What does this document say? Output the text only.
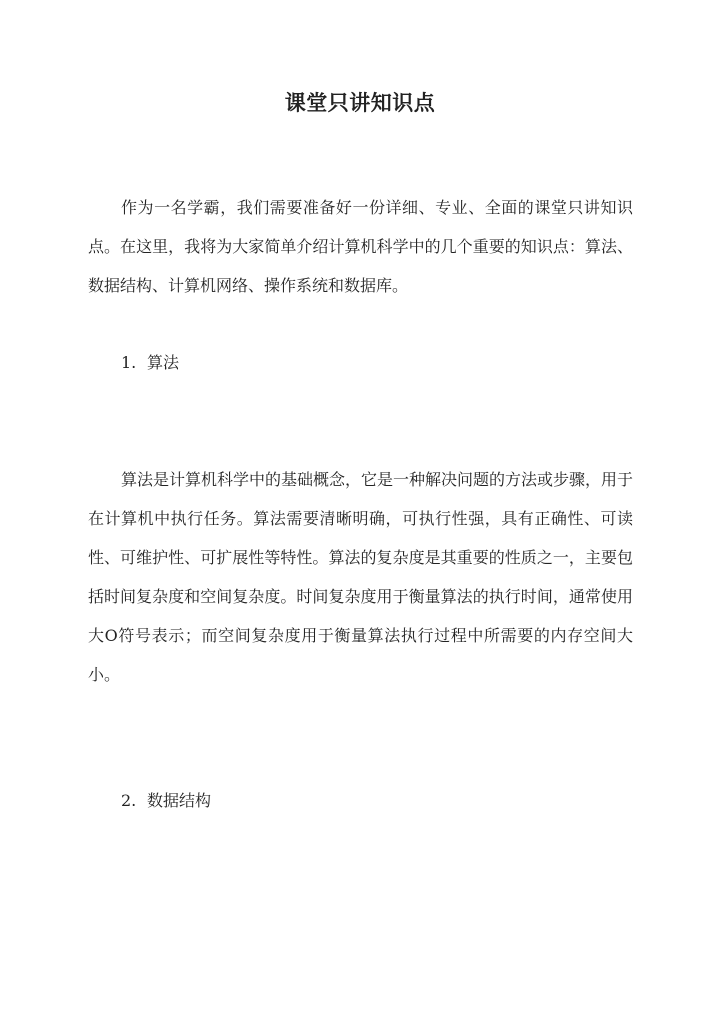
课堂只讲知识点

作为一名学霸，我们需要准备好一份详细、专业、全面的课堂只讲知识点。在这里，我将为大家简单介绍计算机科学中的几个重要的知识点：算法、数据结构、计算机网络、操作系统和数据库。

1. 算法

算法是计算机科学中的基础概念，它是一种解决问题的方法或步骤，用于在计算机中执行任务。算法需要清晰明确，可执行性强，具有正确性、可读性、可维护性、可扩展性等特性。算法的复杂度是其重要的性质之一，主要包括时间复杂度和空间复杂度。时间复杂度用于衡量算法的执行时间，通常使用大O符号表示；而空间复杂度用于衡量算法执行过程中所需要的内存空间大小。

2. 数据结构
